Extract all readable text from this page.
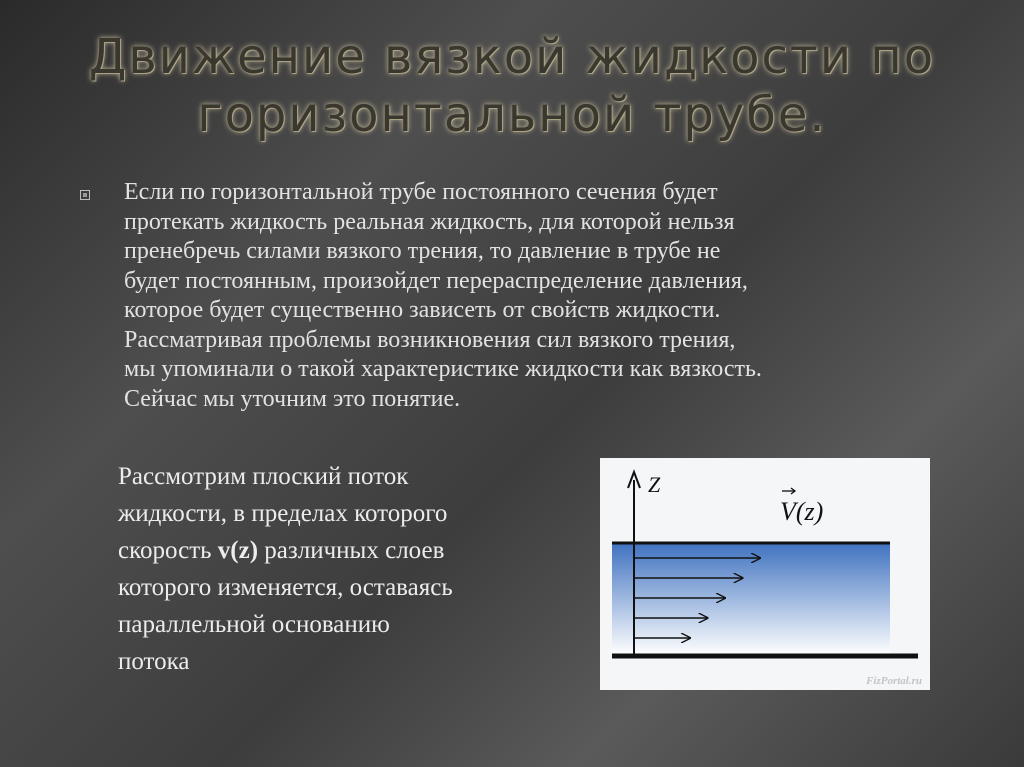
Движение вязкой жидкости по
горизонтальной трубе.

Если по горизонтальной трубе постоянного сечения будет
протекать жидкость реальная жидкость, для которой нельзя
пренебречь силами вязкого трения, то давление в трубе не
будет постоянным, произойдет перераспределение давления,
которое будет существенно зависеть от свойств жидкости.
Рассматривая проблемы возникновения сил вязкого трения,
мы упоминали о такой характеристике жидкости как вязкость.
Сейчас мы уточним это понятие.

Рассмотрим плоский поток
жидкости, в пределах которого
скорость v(z) различных слоев
которого изменяется, оставаясь
параллельной основанию
потока

Z
V(z)
FizPortal.ru
